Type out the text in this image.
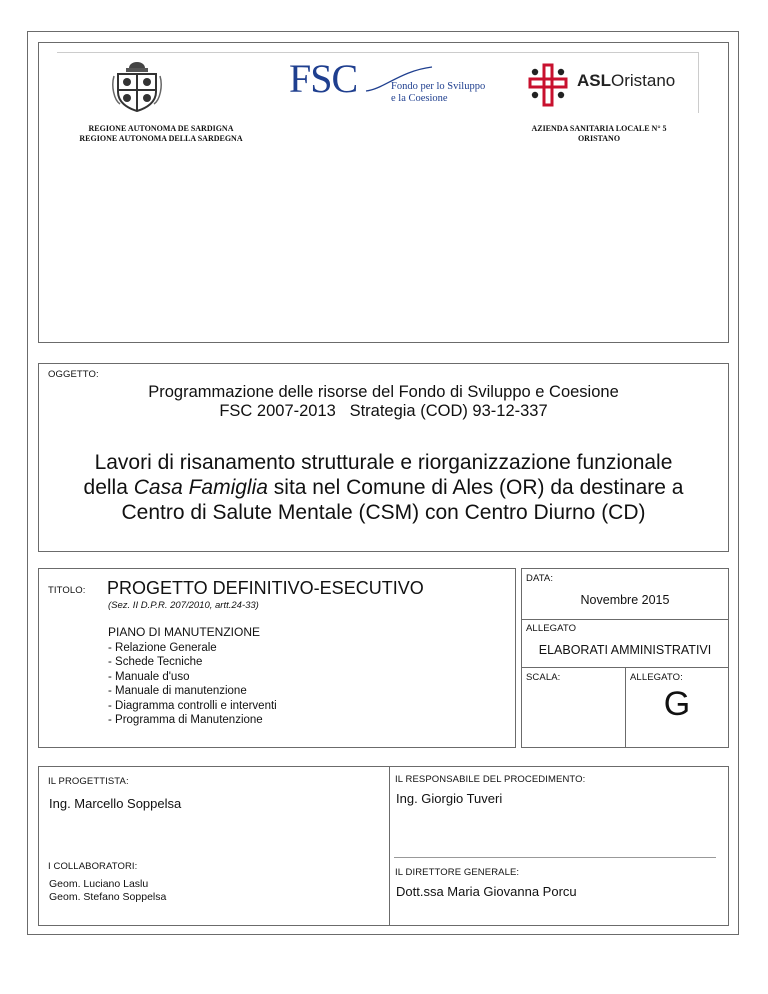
FSC	Fondo per lo Sviluppo
e la Coesione
ASLOristano
REGIONE AUTONOMA DE SARDIGNA
REGIONE AUTONOMA DELLA SARDEGNA
AZIENDA SANITARIA LOCALE N° 5
ORISTANO
OGGETTO:
Programmazione delle risorse del Fondo di Sviluppo e Coesione
FSC 2007-2013   Strategia (COD) 93-12-337
Lavori di risanamento strutturale e riorganizzazione funzionale
della Casa Famiglia sita nel Comune di Ales (OR) da destinare a
Centro di Salute Mentale (CSM) con Centro Diurno (CD)
TITOLO: PROGETTO DEFINITIVO-ESECUTIVO
(Sez. II D.P.R. 207/2010, artt.24-33)
PIANO DI MANUTENZIONE
- Relazione Generale
- Schede Tecniche
- Manuale d'uso
- Manuale di manutenzione
- Diagramma controlli e interventi
- Programma di Manutenzione
DATA:
Novembre 2015
ALLEGATO
ELABORATI AMMINISTRATIVI
SCALA:	ALLEGATO:
G
IL PROGETTISTA:
Ing. Marcello Soppelsa
IL RESPONSABILE DEL PROCEDIMENTO:
Ing. Giorgio Tuveri
I COLLABORATORI:
Geom. Luciano Laslu
Geom. Stefano Soppelsa
IL DIRETTORE GENERALE:
Dott.ssa Maria Giovanna Porcu
